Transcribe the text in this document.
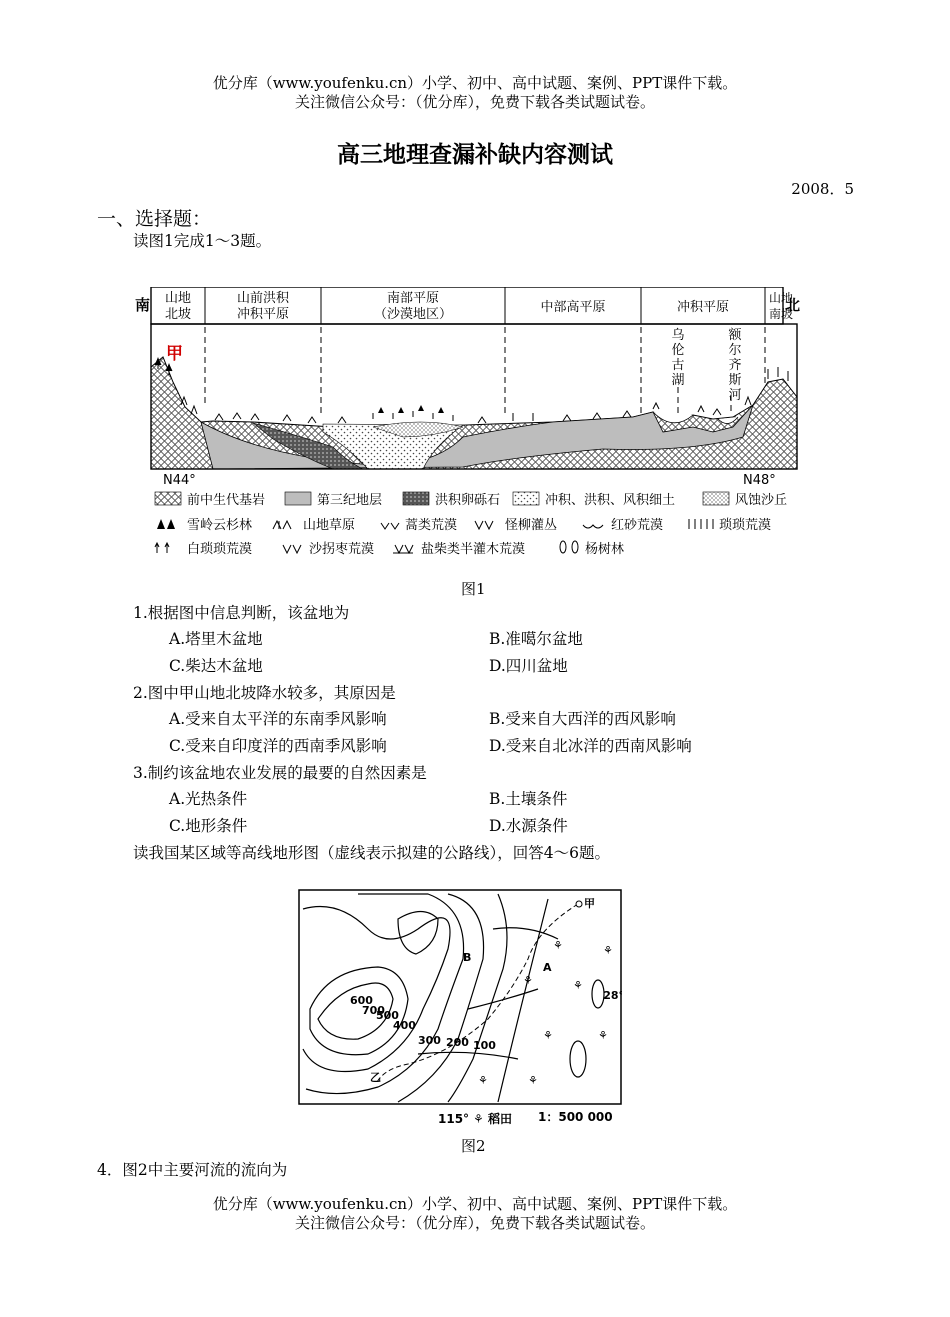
优分库（www.youfenku.cn）小学、初中、高中试题、案例、PPT课件下载。
关注微信公众号：（优分库），免费下载各类试题试卷。
高三地理查漏补缺内容测试
2008．5
一、选择题：
读图1完成1～3题。
南	北
山地
北坡
山前洪积
冲积平原
南部平原
（沙漠地区）	中部高平原	冲积平原
山地
南坡
甲
乌
伦
古
湖
额
尔
齐
斯
河
N44°	N48°
前中生代基岩	第三纪地层	洪积卵砾石	冲积、洪积、风积细土	风蚀沙丘
雪岭云杉林	山地草原	蒿类荒漠	怪柳灌丛	红砂荒漠	琐琐荒漠
白琐琐荒漠	沙拐枣荒漠	盐柴类半灌木荒漠	杨树林
图1
1.根据图中信息判断，该盆地为
A.塔里木盆地	B.准噶尔盆地
C.柴达木盆地	D.四川盆地
2.图中甲山地北坡降水较多，其原因是
A.受来自太平洋的东南季风影响	B.受来自大西洋的西风影响
C.受来自印度洋的西南季风影响	D.受来自北冰洋的西南风影响
3.制约该盆地农业发展的最要的自然因素是
A.光热条件	B.土壤条件
C.地形条件	D.水源条件
读我国某区域等高线地形图（虚线表示拟建的公路线），回答4～6题。
甲
乙
A
B
600
700
500
400
300 200 100
28°
⚘	⚘
⚘	⚘
⚘	⚘
⚘	⚘
115° ⚘ 稻田 1：500 000
图2
4．图2中主要河流的流向为
优分库（www.youfenku.cn）小学、初中、高中试题、案例、PPT课件下载。
关注微信公众号：（优分库），免费下载各类试题试卷。
